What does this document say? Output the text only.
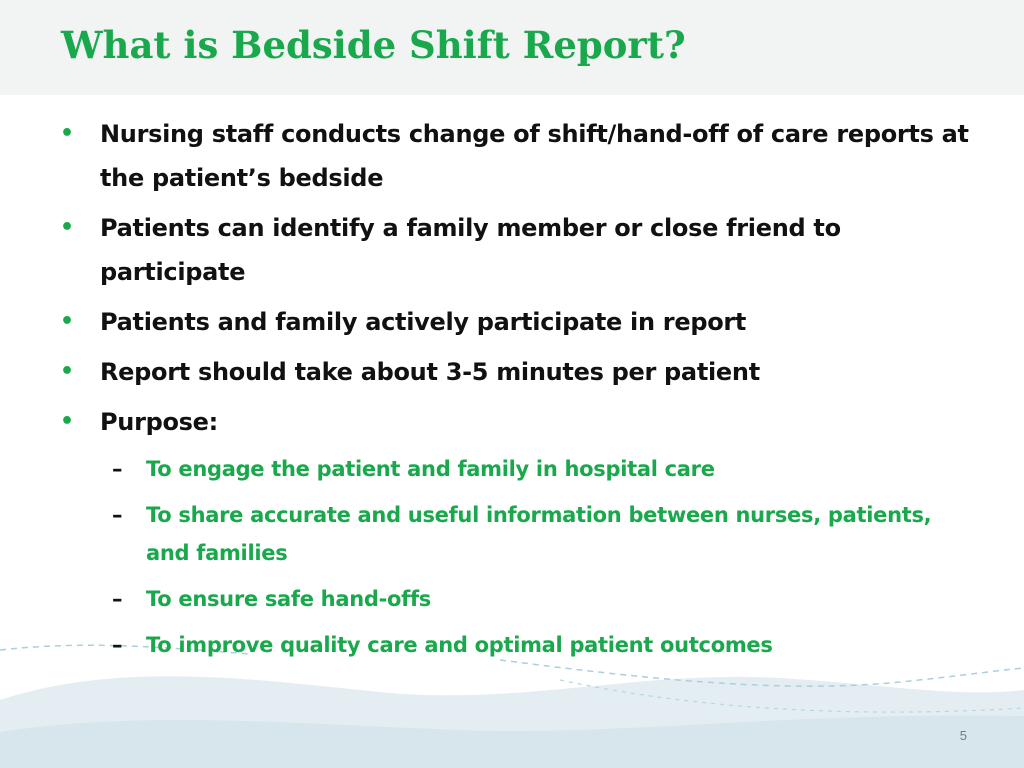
What is Bedside Shift Report?
• Nursing staff conducts change of shift/hand-off of care reports at the patient’s bedside
• Patients can identify a family member or close friend to participate
• Patients and family actively participate in report
• Report should take about 3-5 minutes per patient
• Purpose:
– To engage the patient and family in hospital care
– To share accurate and useful information between nurses, patients, and families
– To ensure safe hand-offs
– To improve quality care and optimal patient outcomes
5
